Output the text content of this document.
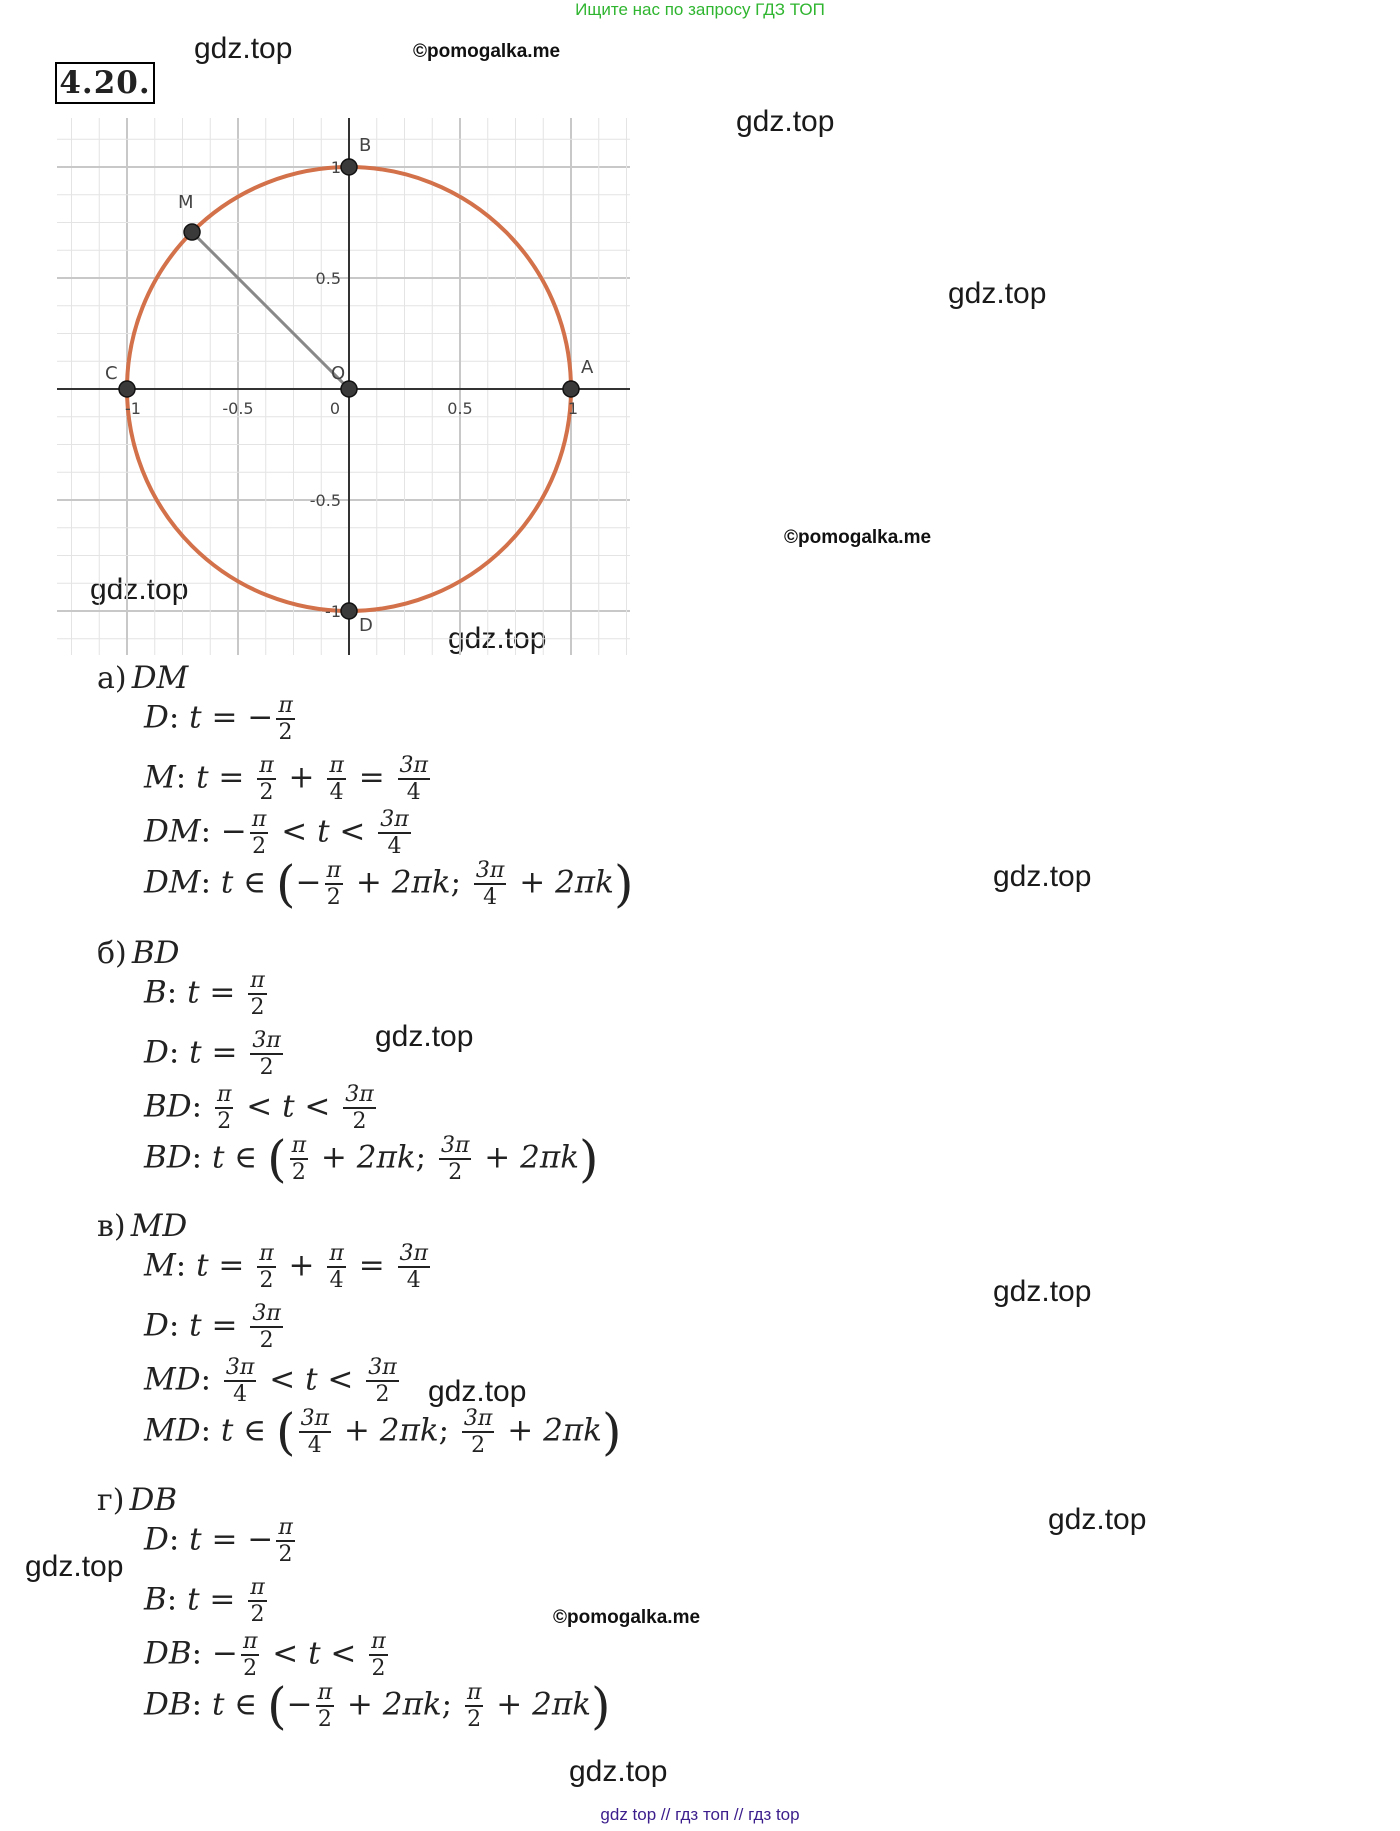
Ищите нас по запросу ГДЗ ТОП
4.20.
gdz.top	©pomogalka.me
gdz.top
gdz.top
©pomogalka.me
gdz.top
gdz.top
gdz.top
gdz.top
gdz.top
gdz.top
gdz.top
gdz.top
©pomogalka.me
gdz.top
-1	-0.5	0	0.5	1
1
0.5
-0.5
-1
A
B
C
D
M
O
а) DM
D: t = − $\frac{\pi}{2}$
M: $t = \frac{\pi}{2} + \frac{\pi}{4} = \frac{3\pi}{4}$
DM: − $\frac{\pi}{2} < t < \frac{3\pi}{4}$
DM: t ∈ (− $\frac{\pi}{2} + 2\pi k$; $\frac{3\pi}{4} + 2\pi k$)
б) BD
B: $t = \frac{\pi}{2}$
D: $t = \frac{3\pi}{2}$
BD: $\frac{\pi}{2} < t < \frac{3\pi}{2}$
BD: t ∈ ( $\frac{\pi}{2} + 2\pi k$; $\frac{3\pi}{2} + 2\pi k$)
в) MD
M: $t = \frac{\pi}{2} + \frac{\pi}{4} = \frac{3\pi}{4}$
D: $t = \frac{3\pi}{2}$
MD: $\frac{3\pi}{4} < t < \frac{3\pi}{2}$
MD: t ∈ ( $\frac{3\pi}{4} + 2\pi k$; $\frac{3\pi}{2} + 2\pi k$)
г) DB
D: t = − $\frac{\pi}{2}$
B: $t = \frac{\pi}{2}$
DB: − $\frac{\pi}{2} < t < \frac{\pi}{2}$
DB: t ∈ (− $\frac{\pi}{2} + 2\pi k$; $\frac{\pi}{2} + 2\pi k$)
gdz top // гдз топ // гдз top
